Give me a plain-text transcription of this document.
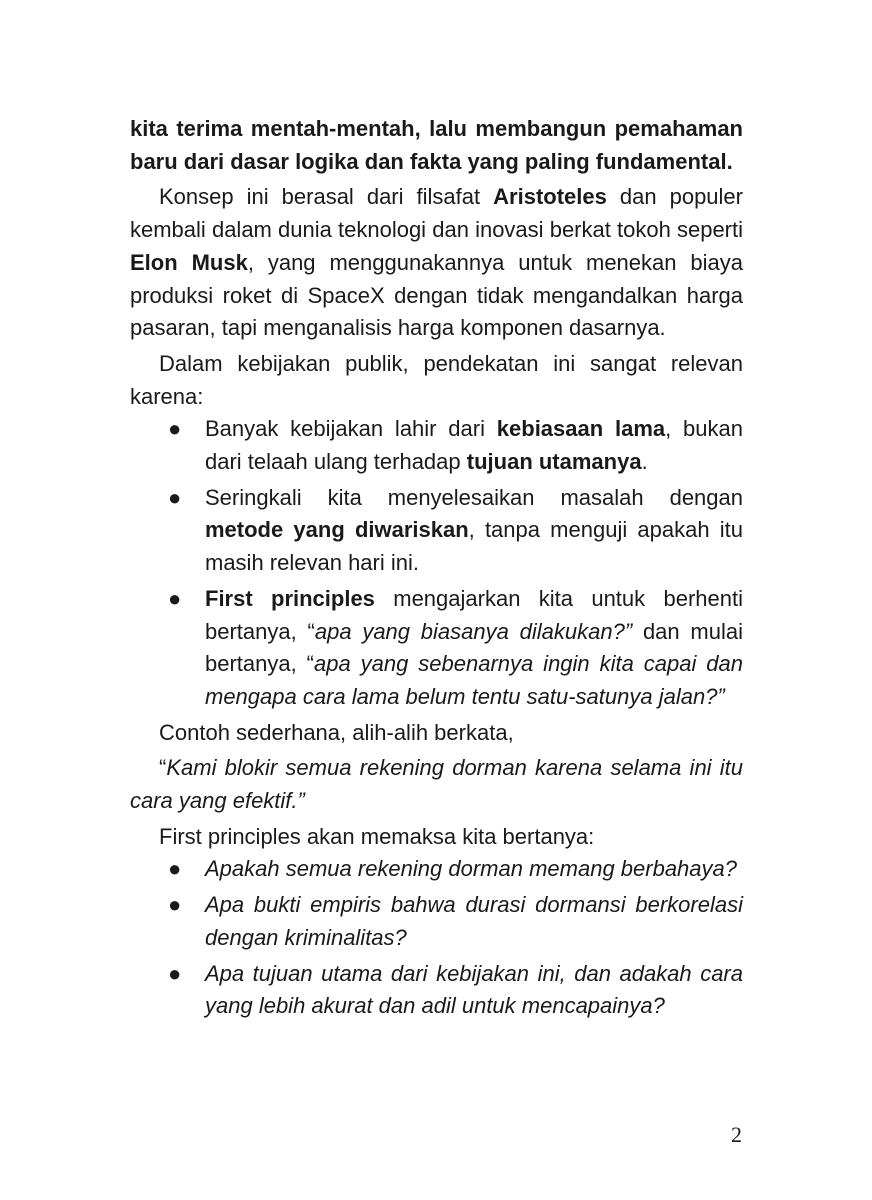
kita terima mentah-mentah, lalu membangun pemahaman baru dari dasar logika dan fakta yang paling fundamental.

Konsep ini berasal dari filsafat Aristoteles dan populer kembali dalam dunia teknologi dan inovasi berkat tokoh seperti Elon Musk, yang menggunakannya untuk menekan biaya produksi roket di SpaceX dengan tidak mengandalkan harga pasaran, tapi menganalisis harga komponen dasarnya.

Dalam kebijakan publik, pendekatan ini sangat relevan karena:

● Banyak kebijakan lahir dari kebiasaan lama, bukan dari telaah ulang terhadap tujuan utamanya.
● Seringkali kita menyelesaikan masalah dengan metode yang diwariskan, tanpa menguji apakah itu masih relevan hari ini.
● First principles mengajarkan kita untuk berhenti bertanya, “apa yang biasanya dilakukan?” dan mulai bertanya, “apa yang sebenarnya ingin kita capai dan mengapa cara lama belum tentu satu-satunya jalan?”

Contoh sederhana, alih-alih berkata,

“Kami blokir semua rekening dorman karena selama ini itu cara yang efektif.”

First principles akan memaksa kita bertanya:

● Apakah semua rekening dorman memang berbahaya?
● Apa bukti empiris bahwa durasi dormansi berkorelasi dengan kriminalitas?
● Apa tujuan utama dari kebijakan ini, dan adakah cara yang lebih akurat dan adil untuk mencapainya?
2
